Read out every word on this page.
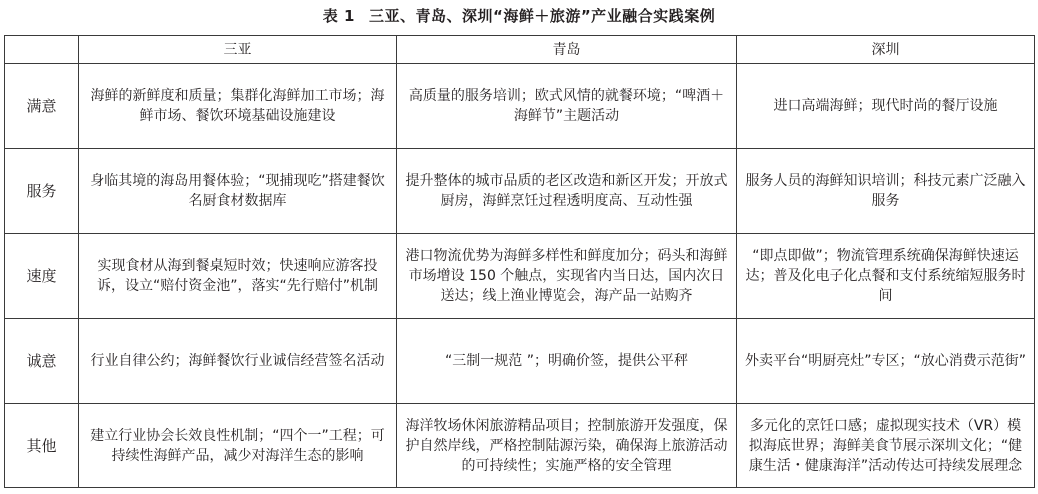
表 1 三亚、青岛、深圳“海鲜＋旅游”产业融合实践案例
	三亚	青岛	深圳
满意	海鲜的新鲜度和质量；集群化海鲜加工市场；海鲜市场、餐饮环境基础设施建设	高质量的服务培训；欧式风情的就餐环境；“啤酒＋海鲜节”主题活动	进口高端海鲜；现代时尚的餐厅设施
服务	身临其境的海岛用餐体验；“现捕现吃”搭建餐饮名厨食材数据库	提升整体的城市品质的老区改造和新区开发；开放式厨房，海鲜烹饪过程透明度高、互动性强	服务人员的海鲜知识培训；科技元素广泛融入服务
速度	实现食材从海到餐桌短时效；快速响应游客投诉，设立“赔付资金池”，落实“先行赔付”机制	港口物流优势为海鲜多样性和鲜度加分；码头和海鲜市场增设 150 个触点，实现省内当日达，国内次日送达；线上渔业博览会，海产品一站购齐	“即点即做”；物流管理系统确保海鲜快速运达；普及化电子化点餐和支付系统缩短服务时间
诚意	行业自律公约；海鲜餐饮行业诚信经营签名活动	“三制一规范 ”；明确价签，提供公平秤	外卖平台“明厨亮灶”专区；“放心消费示范街”
其他	建立行业协会长效良性机制；“四个一”工程；可持续性海鲜产品，减少对海洋生态的影响	海洋牧场休闲旅游精品项目；控制旅游开发强度，保护自然岸线，严格控制陆源污染，确保海上旅游活动的可持续性；实施严格的安全管理	多元化的烹饪口感；虚拟现实技术（VR）模拟海底世界；海鲜美食节展示深圳文化；“健康生活・健康海洋”活动传达可持续发展理念
